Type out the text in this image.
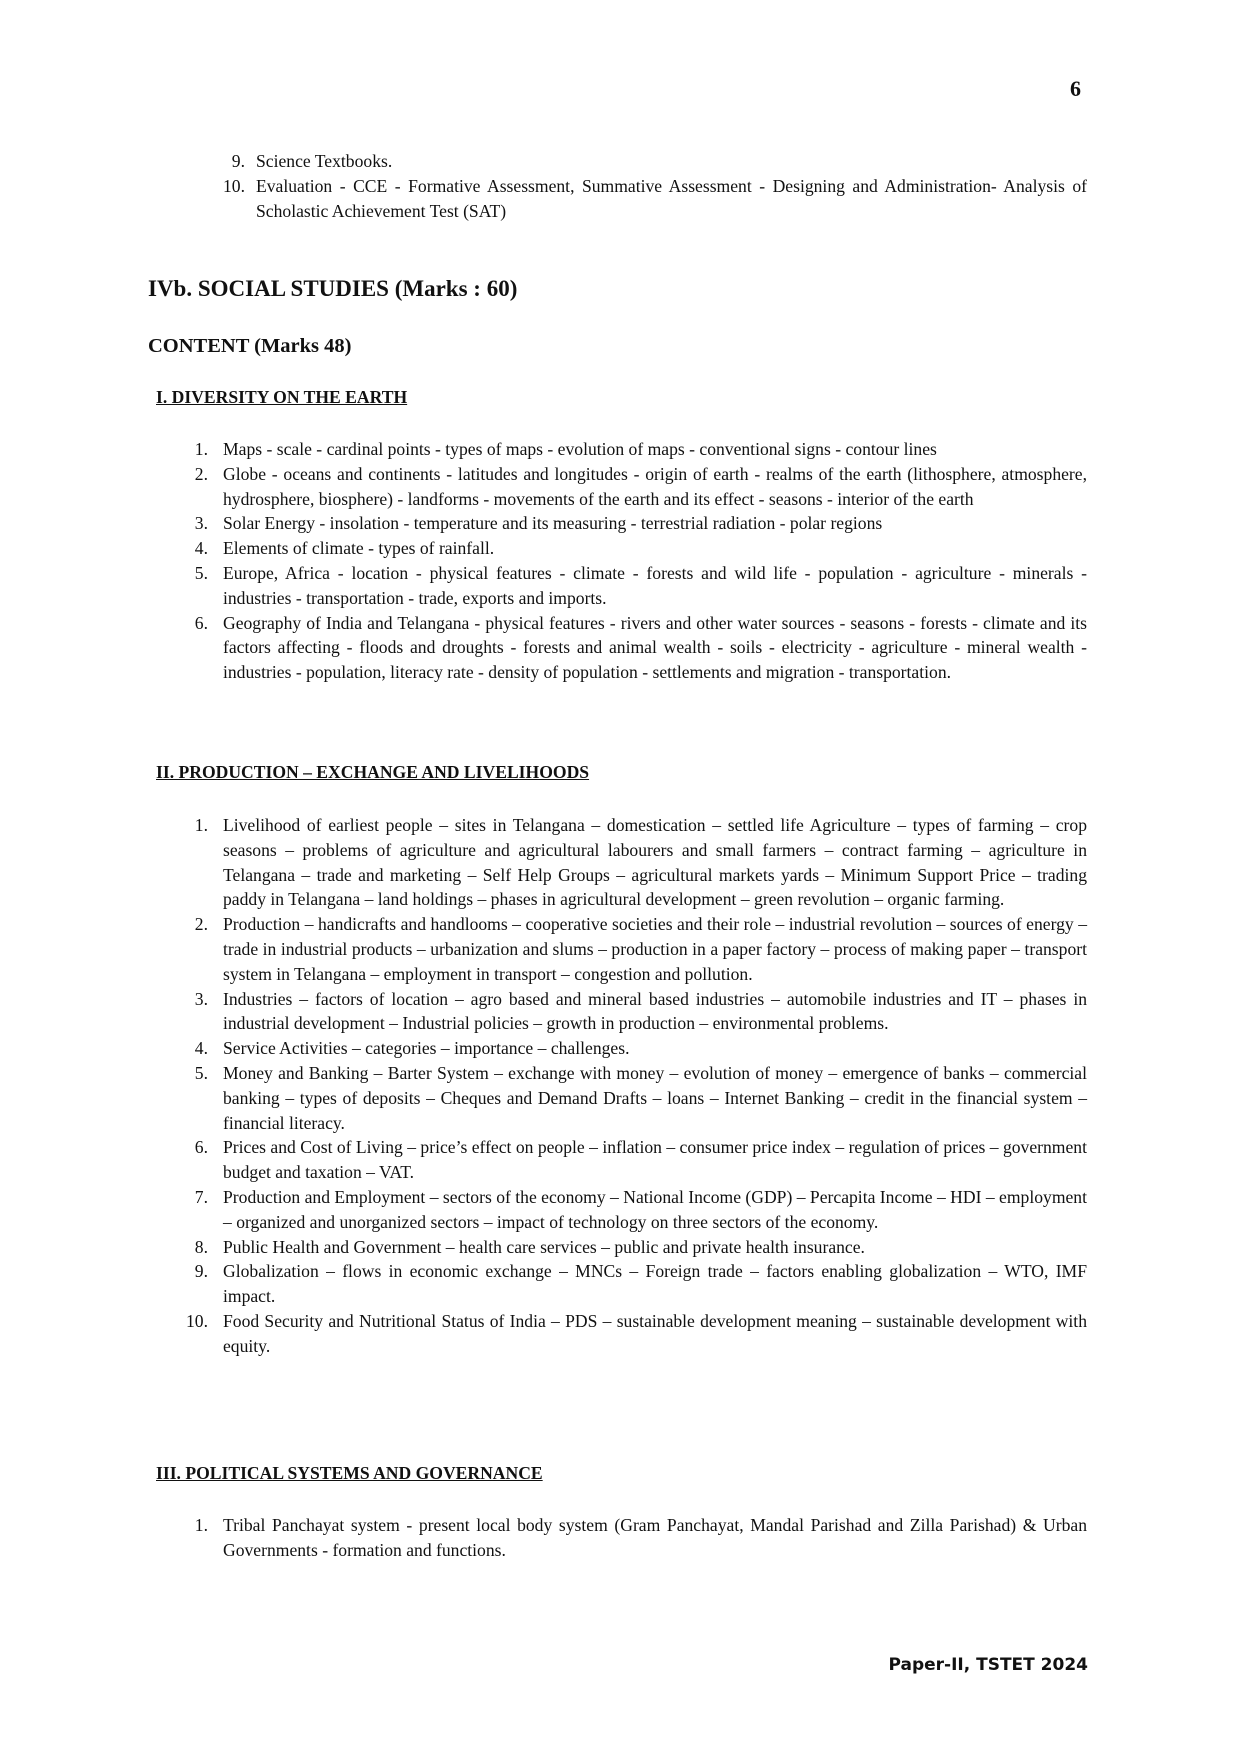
6
9. Science Textbooks.
10. Evaluation - CCE - Formative Assessment, Summative Assessment - Designing and Administration- Analysis of Scholastic Achievement Test (SAT)
IVb. SOCIAL STUDIES (Marks : 60)
CONTENT (Marks 48)
I. DIVERSITY ON THE EARTH
1. Maps - scale - cardinal points - types of maps - evolution of maps - conventional signs - contour lines
2. Globe - oceans and continents - latitudes and longitudes - origin of earth - realms of the earth (lithosphere, atmosphere, hydrosphere, biosphere) - landforms - movements of the earth and its effect - seasons - interior of the earth
3. Solar Energy - insolation - temperature and its measuring - terrestrial radiation - polar regions
4. Elements of climate - types of rainfall.
5. Europe, Africa - location - physical features - climate - forests and wild life - population - agriculture - minerals - industries - transportation - trade, exports and imports.
6. Geography of India and Telangana - physical features - rivers and other water sources - seasons - forests - climate and its factors affecting - floods and droughts - forests and animal wealth - soils - electricity - agriculture - mineral wealth - industries - population, literacy rate - density of population - settlements and migration - transportation.
II. PRODUCTION – EXCHANGE AND LIVELIHOODS
1. Livelihood of earliest people – sites in Telangana – domestication – settled life Agriculture – types of farming – crop seasons – problems of agriculture and agricultural labourers and small farmers – contract farming – agriculture in Telangana – trade and marketing – Self Help Groups – agricultural markets yards – Minimum Support Price – trading paddy in Telangana – land holdings – phases in agricultural development – green revolution – organic farming.
2. Production – handicrafts and handlooms – cooperative societies and their role – industrial revolution – sources of energy – trade in industrial products – urbanization and slums – production in a paper factory – process of making paper – transport system in Telangana – employment in transport – congestion and pollution.
3. Industries – factors of location – agro based and mineral based industries – automobile industries and IT – phases in industrial development – Industrial policies – growth in production – environmental problems.
4. Service Activities – categories – importance – challenges.
5. Money and Banking – Barter System – exchange with money – evolution of money – emergence of banks – commercial banking – types of deposits – Cheques and Demand Drafts – loans – Internet Banking – credit in the financial system – financial literacy.
6. Prices and Cost of Living – price’s effect on people – inflation – consumer price index – regulation of prices – government budget and taxation – VAT.
7. Production and Employment – sectors of the economy – National Income (GDP) – Percapita Income – HDI – employment – organized and unorganized sectors – impact of technology on three sectors of the economy.
8. Public Health and Government – health care services – public and private health insurance.
9. Globalization – flows in economic exchange – MNCs – Foreign trade – factors enabling globalization – WTO, IMF impact.
10. Food Security and Nutritional Status of India – PDS – sustainable development meaning – sustainable development with equity.
III. POLITICAL SYSTEMS AND GOVERNANCE
1. Tribal Panchayat system - present local body system (Gram Panchayat, Mandal Parishad and Zilla Parishad) & Urban Governments - formation and functions.
Paper-II, TSTET 2024
